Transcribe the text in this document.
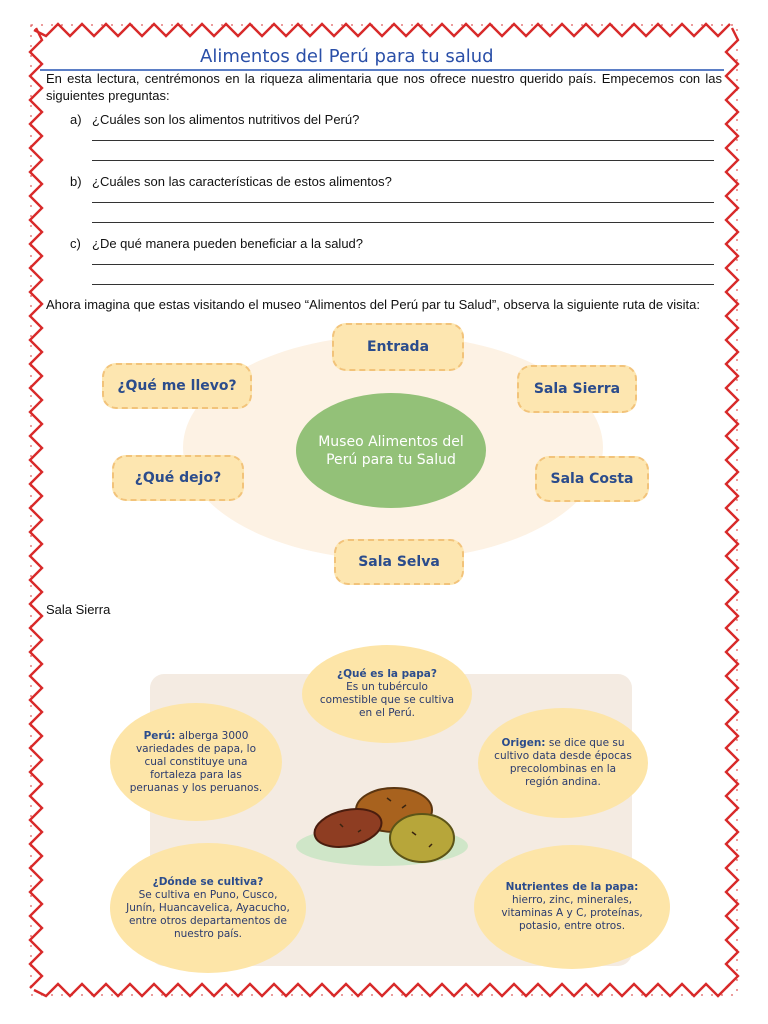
Alimentos del Perú para tu salud
En esta lectura, centrémonos en la riqueza alimentaria que nos ofrece nuestro querido país. Empecemos con las siguientes preguntas:
a) ¿Cuáles son los alimentos nutritivos del Perú?
b) ¿Cuáles son las características de estos alimentos?
c) ¿De qué manera pueden beneficiar a la salud?
Ahora imagina que estas visitando el museo “Alimentos del Perú par tu Salud”, observa la siguiente ruta de visita:
Museo Alimentos del Perú para tu Salud
Entrada
Sala Sierra
Sala Costa
Sala Selva
¿Qué dejo?
¿Qué me llevo?
Sala Sierra
¿Qué es la papa?
Es un tubérculo comestible que se cultiva en el Perú.
Perú: alberga 3000 variedades de papa, lo cual constituye una fortaleza para las peruanas y los peruanos.
Origen: se dice que su cultivo data desde épocas precolombinas en la región andina.
¿Dónde se cultiva?
Se cultiva en Puno, Cusco, Junín, Huancavelica, Ayacucho, entre otros departamentos de nuestro país.
Nutrientes de la papa:
hierro, zinc, minerales, vitaminas A y C, proteínas, potasio, entre otros.
